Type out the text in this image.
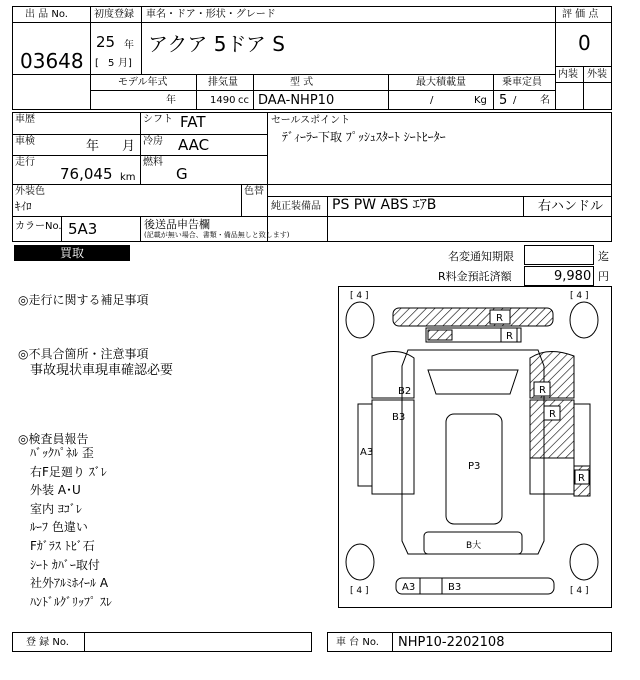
出 品 No.
03648
初度登録
25 年
[ 5 月]
車名・ドア・形状・グレード
アクア 5ドア S
評 価 点
0
内装 外装
モデル年式	排気量	型 式	最大積載量	乗車定員
年	1490 cc DAA-NHP10	/	Kg 5 / 名
車歴	シフト FAT
車検	年 月 冷房 AAC
走行
76,045 km
燃料
G
外装色
ｷｲﾛ
色替
カラーNo. 5A3	後送品申告欄
(記載が無い場合、書類・備品無しと致します)
セールスポイント
ﾃﾞｨｰﾗｰ下取 ﾌﾟｯｼｭｽﾀｰﾄ ｼｰﾄﾋｰﾀｰ
純正装備品 PS PW ABS ｴｱB	右ハンドル
買取	名変通知期限	迄
R料金預託済額	9,980 円
◎走行に関する補足事項
◎不具合箇所・注意事項
事故現状車現車確認必要
◎検査員報告
ﾊﾞｯｸﾊﾟﾈﾙ 歪
右F足廻り ｽﾞﾚ
外装 A･U
室内 ﾖｺﾞﾚ
ﾙｰﾌ 色違い
Fｶﾞﾗｽ ﾄﾋﾞ石
ｼｰﾄ ｶﾊﾞｰ取付
社外ｱﾙﾐﾎｲｰﾙ A
ﾊﾝﾄﾞﾙｸﾞﾘｯﾌﾟ ｽﾚ
[ 4 ]	[ 4 ]
[ 4 ]	[ 4 ]
R
R
R
R
R
B2
B3
A3
P3
B大
A3	B3
登 録 No.	車 台 No. NHP10-2202108
